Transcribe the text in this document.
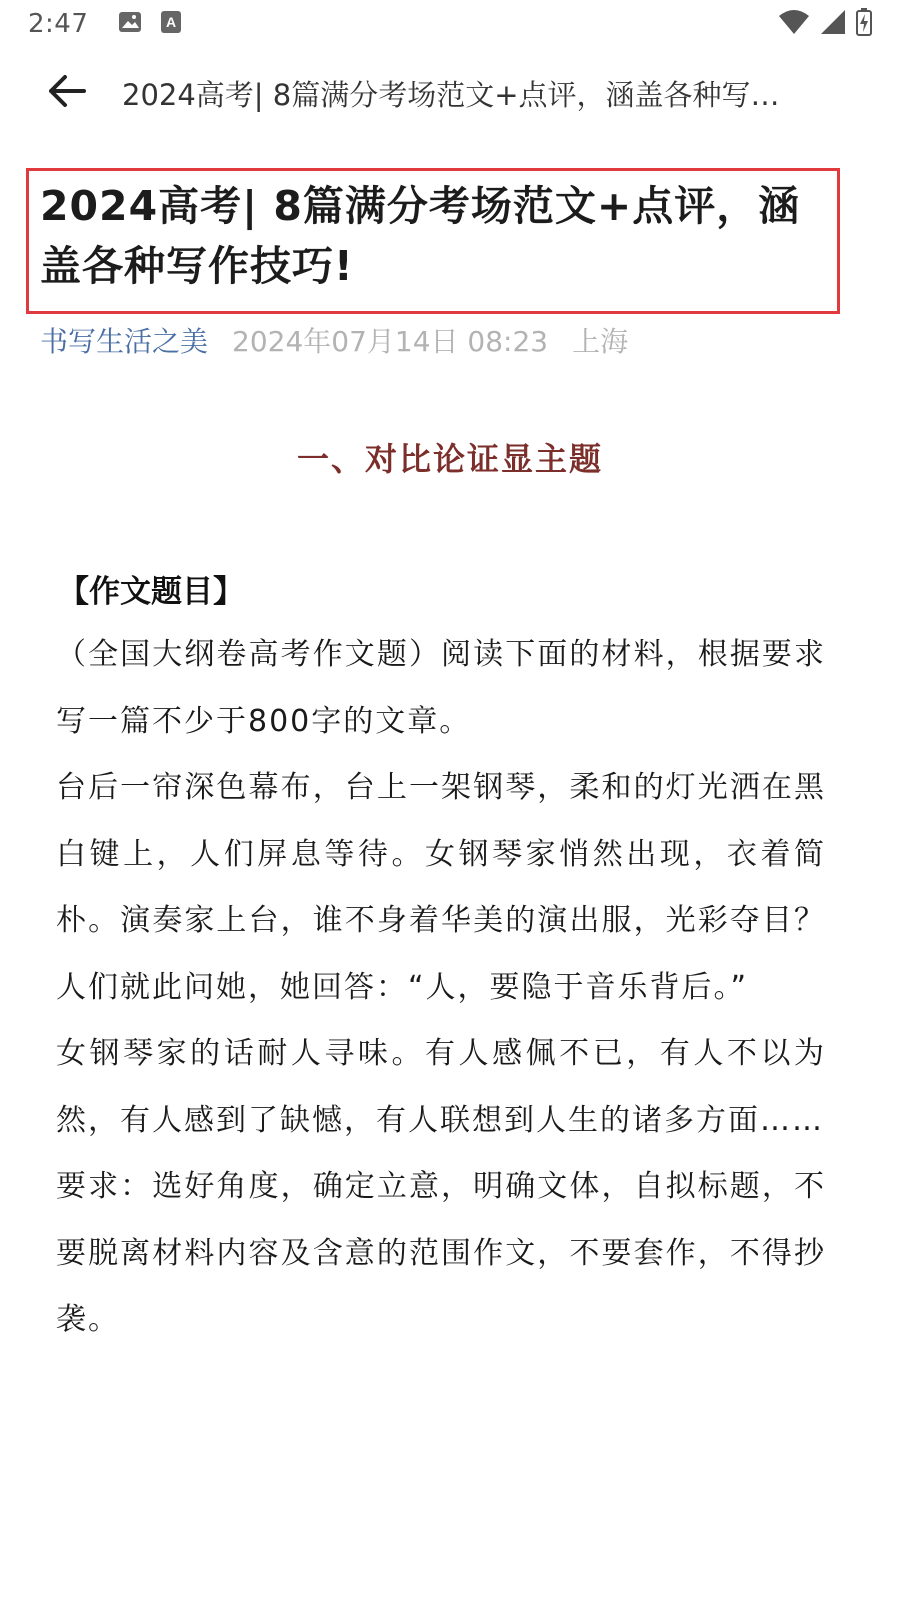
2:47	A
2024高考| 8篇满分考场范文+点评，涵盖各种写…
2024高考| 8篇满分考场范文+点评，涵盖各种写作技巧!
书写生活之美 2024年07月14日 08:23 上海
一、对比论证显主题
【作文题目】

（全国大纲卷高考作文题）阅读下面的材料，根据要求写一篇不少于800字的文章。

台后一帘深色幕布，台上一架钢琴，柔和的灯光洒在黑白键上，人们屏息等待。女钢琴家悄然出现，衣着简朴。演奏家上台，谁不身着华美的演出服，光彩夺目？人们就此问她，她回答：“人，要隐于音乐背后。”

女钢琴家的话耐人寻味。有人感佩不已，有人不以为然，有人感到了缺憾，有人联想到人生的诸多方面……

要求：选好角度，确定立意，明确文体，自拟标题，不要脱离材料内容及含意的范围作文，不要套作，不得抄袭。
